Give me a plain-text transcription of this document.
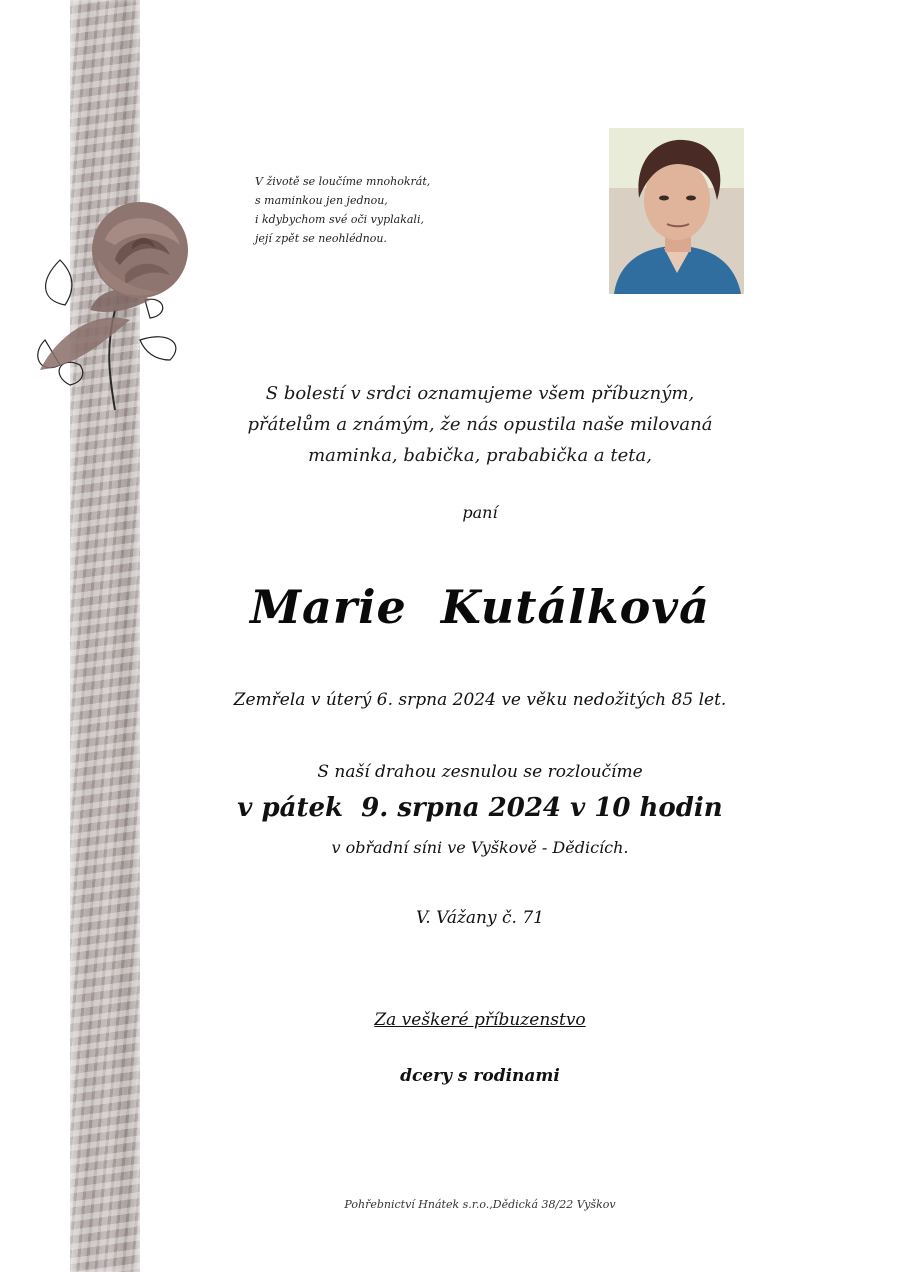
V životě se loučíme mnohokrát,
s maminkou jen jednou,
i kdybychom své oči vyplakali,
její zpět se neohlédnou.
S bolestí v srdci oznamujeme všem příbuzným,
přátelům a známým, že nás opustila naše milovaná
maminka, babička, prababička a teta,
paní
Marie  Kutálková
Zemřela v úterý 6. srpna 2024 ve věku nedožitých 85 let.
S naší drahou zesnulou se rozloučíme
v pátek  9. srpna 2024 v 10 hodin
v obřadní síni ve Vyškově - Dědicích.
V. Vážany č. 71
Za veškeré příbuzenstvo
dcery s rodinami
Pohřebnictví Hnátek s.r.o.,Dědická 38/22 Vyškov
